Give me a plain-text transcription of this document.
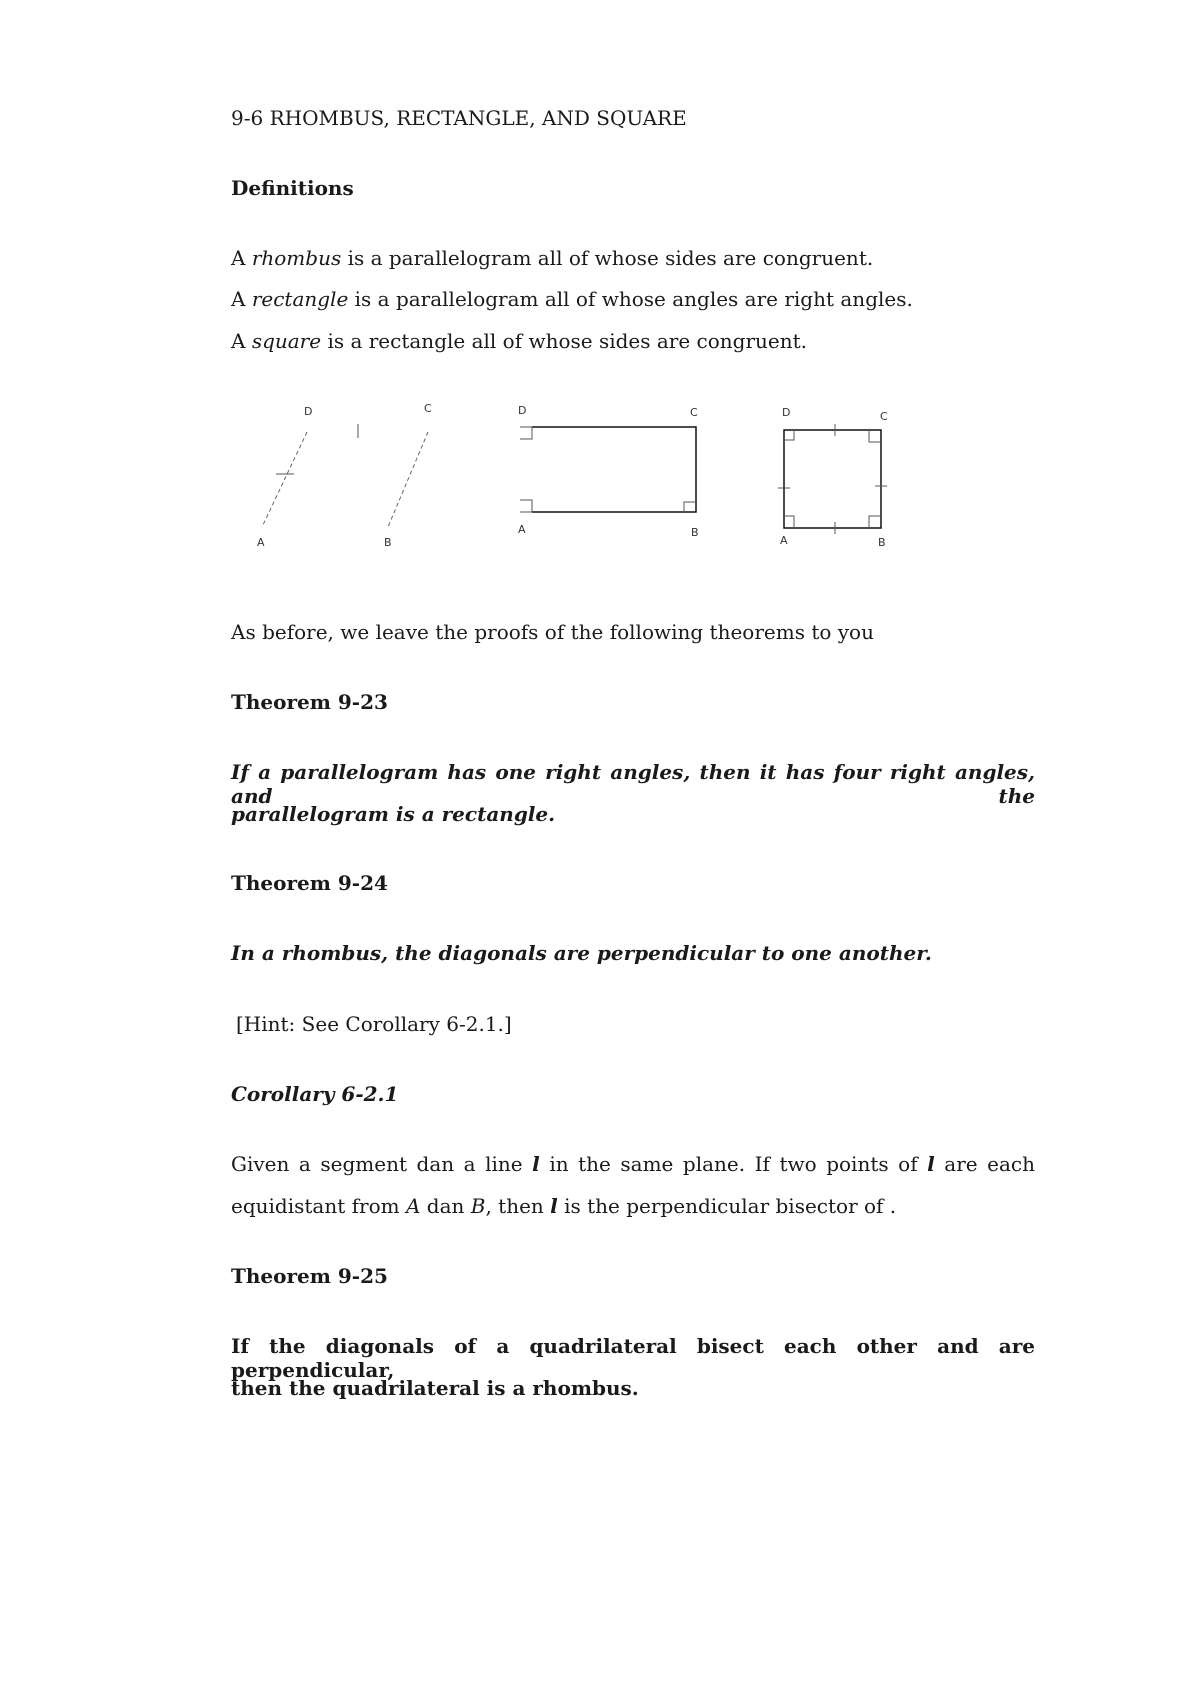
9-6 RHOMBUS, RECTANGLE, AND SQUARE
Definitions
A rhombus is a parallelogram all of whose sides are congruent.
A rectangle is a parallelogram all of whose angles are right angles.
A square is a rectangle all of whose sides are congruent.
D	C
A	B
D	C
A	B
D	C
A	B
As before, we leave the proofs of the following theorems to you
Theorem 9-23
If a parallelogram has one right angles, then it has four right angles, and the
parallelogram is a rectangle.
Theorem 9-24
In a rhombus, the diagonals are perpendicular to one another.
[Hint: See Corollary 6-2.1.]
Corollary 6-2.1
Given a segment dan a line l in the same plane. If two points of l are each
equidistant from A dan B, then l is the perpendicular bisector of .
Theorem 9-25
If the diagonals of a quadrilateral bisect each other and are perpendicular,
then the quadrilateral is a rhombus.
